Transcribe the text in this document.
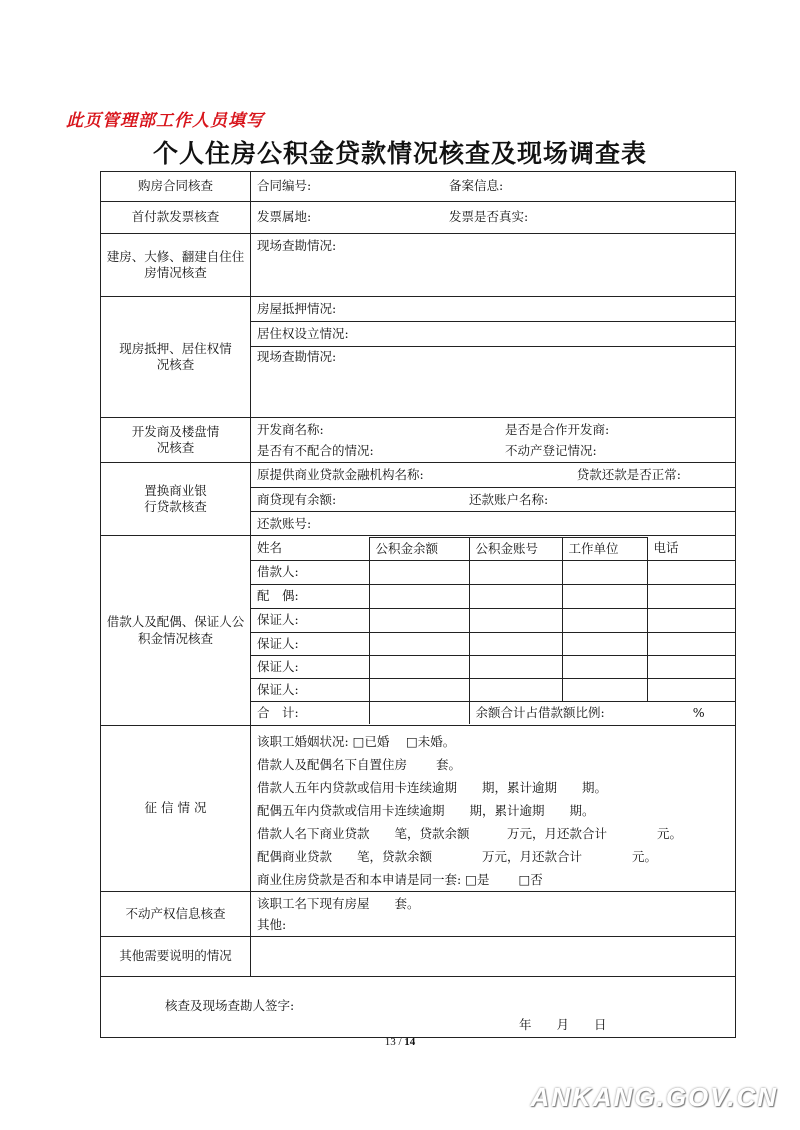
此页管理部工作人员填写
个人住房公积金贷款情况核查及现场调查表
购房合同核查	合同编号:	备案信息:

首付款发票核查	发票属地:	发票是否真实:

建房、大修、翻建自住住房情况核查	现场查勘情况:
现房抵押、居住权情况核查	
房屋抵押情况:
居住权设立情况:
现场查勘情况:

开发商及楼盘情况核查	
开发商名称:	是否是合作开发商:
是否有不配合的情况:	不动产登记情况:

置换商业银行贷款核查	
原提供商业贷款金融机构名称:	贷款还款是否正常:
商贷现有余额:	还款账户名称:
还款账号:

借款人及配偶、保证人公积金情况核查	
姓名	公积金余额	公积金账号	工作单位	电话
借款人:				
配　偶:				
保证人:				
保证人:				
保证人:				
保证人:				
合　计:		余额合计占借款额比例:	%

征 信 情 况	
该职工婚姻状况: □已婚　 □未婚。
借款人及配偶名下自置住房　　 套。
借款人五年内贷款或信用卡连续逾期　　期，累计逾期　　期。
配偶五年内贷款或信用卡连续逾期　　期，累计逾期　　期。
借款人名下商业贷款　　笔，贷款余额　　　万元，月还款合计　　　　元。
配偶商业贷款　　笔，贷款余额　　　　万元，月还款合计　　　　元。
商业住房贷款是否和本申请是同一套: □是　　 □否

不动产权信息核查	
该职工名下现有房屋　　套。
其他:

其他需要说明的情况	

核查及现场查勘人签字:
年　　月　　日
13 / 14
ANKANG.GOV.CN
